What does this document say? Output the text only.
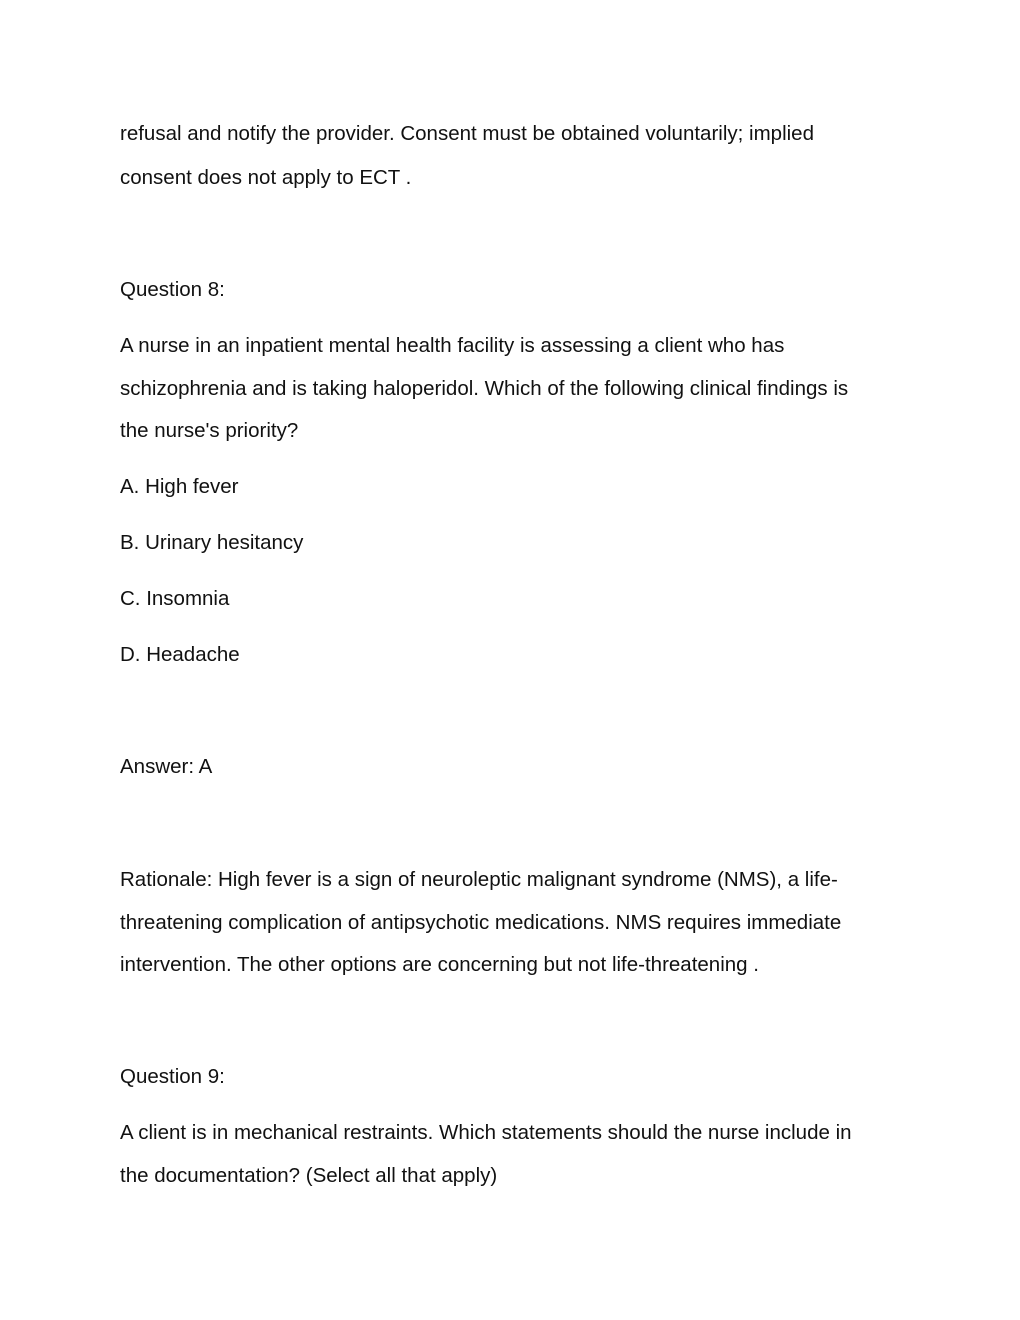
refusal and notify the provider. Consent must be obtained voluntarily; implied
consent does not apply to ECT .
Question 8:
A nurse in an inpatient mental health facility is assessing a client who has
schizophrenia and is taking haloperidol. Which of the following clinical findings is
the nurse's priority?
A. High fever
B. Urinary hesitancy
C. Insomnia
D. Headache
Answer: A
Rationale: High fever is a sign of neuroleptic malignant syndrome (NMS), a life-
threatening complication of antipsychotic medications. NMS requires immediate
intervention. The other options are concerning but not life-threatening .
Question 9:
A client is in mechanical restraints. Which statements should the nurse include in
the documentation? (Select all that apply)
